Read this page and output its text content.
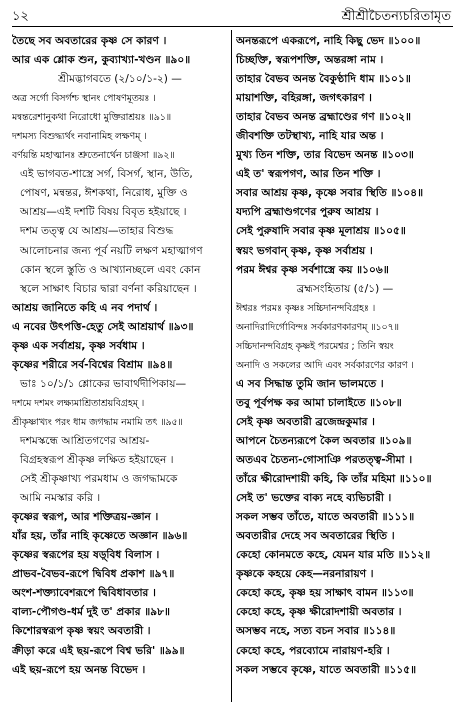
১২	শ্রীশ্রীচৈতন্যচরিতামৃত
তৈছে সব অবতারের কৃষ্ণ সে কারণ ।
আর এক শ্লোক শুন, কুব্যাখ্যা-খণ্ডন ॥৯০॥
শ্রীমদ্ভাগবতে (২/১০/১-২) —
অত্র সর্গো বিসর্গশ্চ স্থানং পোষণমূতয়ঃ ।
মন্বন্তরেশানুকথা নিরোধো মুক্তিরাশ্রয়ঃ ॥৯১॥
দশমস্য বিশুদ্ধ্যর্থং নবানামিহ লক্ষণম্ ।
বর্ণয়ন্তি মহাত্মানঃ শ্রুতেনার্থেন চাঞ্জসা ॥৯২॥
এই ভাগবত-শাস্ত্রে সর্গ, বিসর্গ, স্থান, উতি,
পোষণ, মন্বন্তর, ঈশকথা, নিরোধ, মুক্তি ও
আশ্রয়—এই দশটি বিষয় বিবৃত হইয়াছে ।
দশম তত্ত্ব যে আশ্রয়—তাহার বিশুদ্ধ
আলোচনার জন্য পূর্ব নয়টি লক্ষণ মহাত্মাগণ
কোন স্থলে স্তুতি ও আখ্যানচ্ছলে এবং কোন
স্থলে সাক্ষাৎ বিচার দ্বারা বর্ণনা করিয়াছেন ।
আশ্রয় জানিতে কহি এ নব পদার্থ ।
এ নবের উৎপত্তি-হেতু সেই আশ্রয়ার্থ ॥৯৩॥
কৃষ্ণ এক সর্বাশ্রয়, কৃষ্ণ সর্বধাম ।
কৃষ্ণের শরীরে সর্ব-বিশ্বের বিশ্রাম ॥৯৪॥
ভাঃ ১০/১/১ শ্লোকের ভাবার্থদীপিকায়—
দশমে দশমং লক্ষ্যমাশ্রিতাশ্রয়বিগ্রহম্ ।
শ্রীকৃষ্ণাখ্যং পরং ধাম জগদ্ধাম নমামি তৎ ॥৯৫॥
দশমস্কন্ধে আশ্রিতগণের আশ্রয়-
বিগ্রহস্বরূপ শ্রীকৃষ্ণ লক্ষিত হইয়াছেন ।
সেই শ্রীকৃষ্ণাখ্য পরমধাম ও জগদ্ধামকে
আমি নমস্কার করি ।
কৃষ্ণের স্বরূপ, আর শক্তিত্রয়-জ্ঞান ।
যাঁর হয়, তাঁর নাহি কৃষ্ণেতে অজ্ঞান ॥৯৬॥
কৃষ্ণের স্বরূপের হয় ষড়্‌বিধ বিলাস ।
প্রাভব-বৈভব-রূপে দ্বিবিধ প্রকাশ ॥৯৭॥
অংশ-শক্ত্যাবেশরূপে দ্বিবিধাবতার ।
বাল্য-পৌগণ্ড-ধর্ম দুই ত' প্রকার ॥৯৮॥
কিশোরস্বরূপ কৃষ্ণ স্বয়ং অবতারী ।
ক্রীড়া করে এই ছয়-রূপে বিশ্ব ভরি' ॥৯৯॥
এই ছয়-রূপে হয় অনন্ত বিভেদ ।
অনন্তরূপে একরূপে, নাহি কিছু ভেদ ॥১০০॥
চিচ্ছক্তি, স্বরূপশক্তি, অন্তরঙ্গা নাম ।
তাহার বৈভব অনন্ত বৈকুণ্ঠাদি ধাম ॥১০১॥
মায়াশক্তি, বহিরঙ্গা, জগৎকারণ ।
তাহার বৈভব অনন্ত ব্রহ্মাণ্ডের গণ ॥১০২॥
জীবশক্তি তটস্থাখ্য, নাহি যার অন্ত ।
মুখ্য তিন শক্তি, তার বিভেদ অনন্ত ॥১০৩॥
এই ত' স্বরূপগণ, আর তিন শক্তি ।
সবার আশ্রয় কৃষ্ণ, কৃষ্ণে সবার স্থিতি ॥১০৪॥
যদ্যপি ব্রহ্মাণ্ডগণের পুরুষ আশ্রয় ।
সেই পুরুষাদি সবার কৃষ্ণ মূলাশ্রয় ॥১০৫॥
স্বয়ং ভগবান্ কৃষ্ণ, কৃষ্ণ সর্বাশ্রয় ।
পরম ঈশ্বর কৃষ্ণ সর্বশাস্ত্রে কয় ॥১০৬॥
ব্রহ্মসংহিতায় (৫/১) —
ঈশ্বরঃ পরমঃ কৃষ্ণঃ সচ্চিদানন্দবিগ্রহঃ ।
অনাদিরাদির্গোবিন্দঃ সর্বকারণকারণম্ ॥১০৭॥
সচ্চিদানন্দবিগ্রহ কৃষ্ণই পরমেশ্বর ; তিনি স্বয়ং
অনাদি ও সকলের আদি এবং সর্বকারণের কারণ ।
এ সব সিদ্ধান্ত তুমি জান ভালমতে ।
তবু পূর্বপক্ষ কর আমা চালাইতে ॥১০৮॥
সেই কৃষ্ণ অবতারী ব্রজেন্দ্রকুমার ।
আপনে চৈতন্যরূপে কৈল অবতার ॥১০৯॥
অতএব চৈতন্য-গোসাঞি পরতত্ত্ব-সীমা ।
তাঁরে ক্ষীরোদশায়ী কহি, কি তাঁর মহিমা ॥১১০॥
সেই ত' ভক্তের বাক্য নহে ব্যভিচারী ।
সকল সম্ভব তাঁতে, যাতে অবতারী ॥১১১॥
অবতারীর দেহে সব অবতারের স্থিতি ।
কেহো কোনমতে কহে, যেমন যার মতি ॥১১২॥
কৃষ্ণকে কহয়ে কেহ—নরনারায়ণ ।
কেহো কহে, কৃষ্ণ হয় সাক্ষাৎ বামন ॥১১৩॥
কেহো কহে, কৃষ্ণ ক্ষীরোদশায়ী অবতার ।
অসম্ভব নহে, সত্য বচন সবার ॥১১৪॥
কেহো কহে, পরব্যোমে নারায়ণ-হরি ।
সকল সম্ভবে কৃষ্ণে, যাতে অবতারী ॥১১৫॥
